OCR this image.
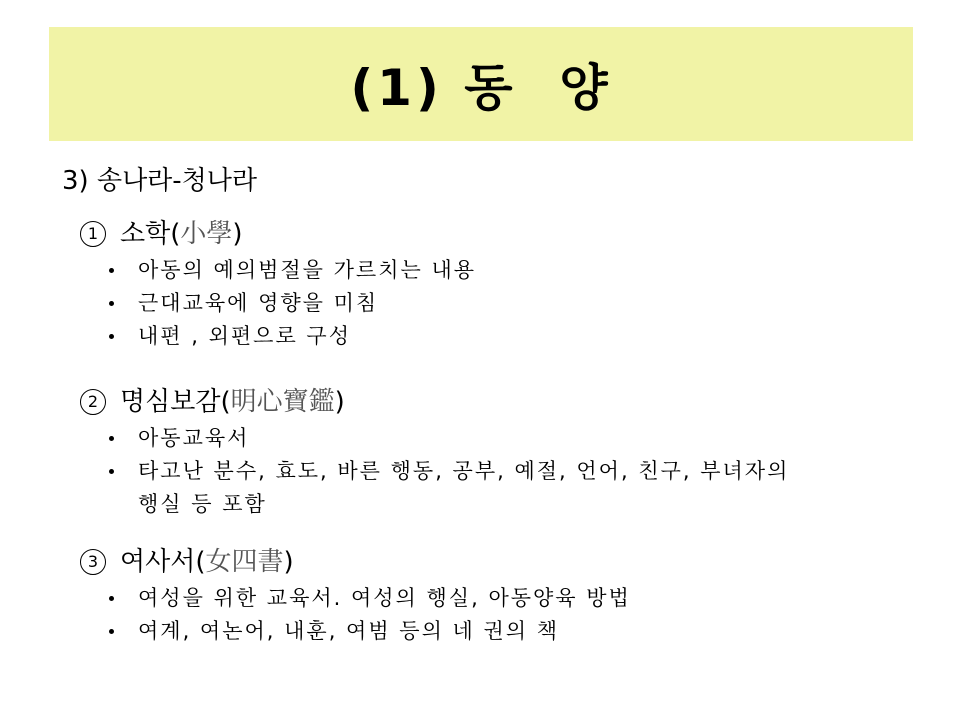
(1) 동  양
3) 송나라-청나라
1 소학 ( 小學 )
아동의 예의범절을 가르치는 내용
근대교육에 영향을 미침
내편 , 외편으로 구성
2 명심보감 ( 明心寶鑑 )
아동교육서
타고난 분수, 효도, 바른 행동, 공부, 예절, 언어, 친구, 부녀자의
행실 등 포함
3 여사서 ( 女四書 )
여성을 위한 교육서. 여성의 행실, 아동양육 방법
여계, 여논어, 내훈, 여범 등의 네 권의 책
